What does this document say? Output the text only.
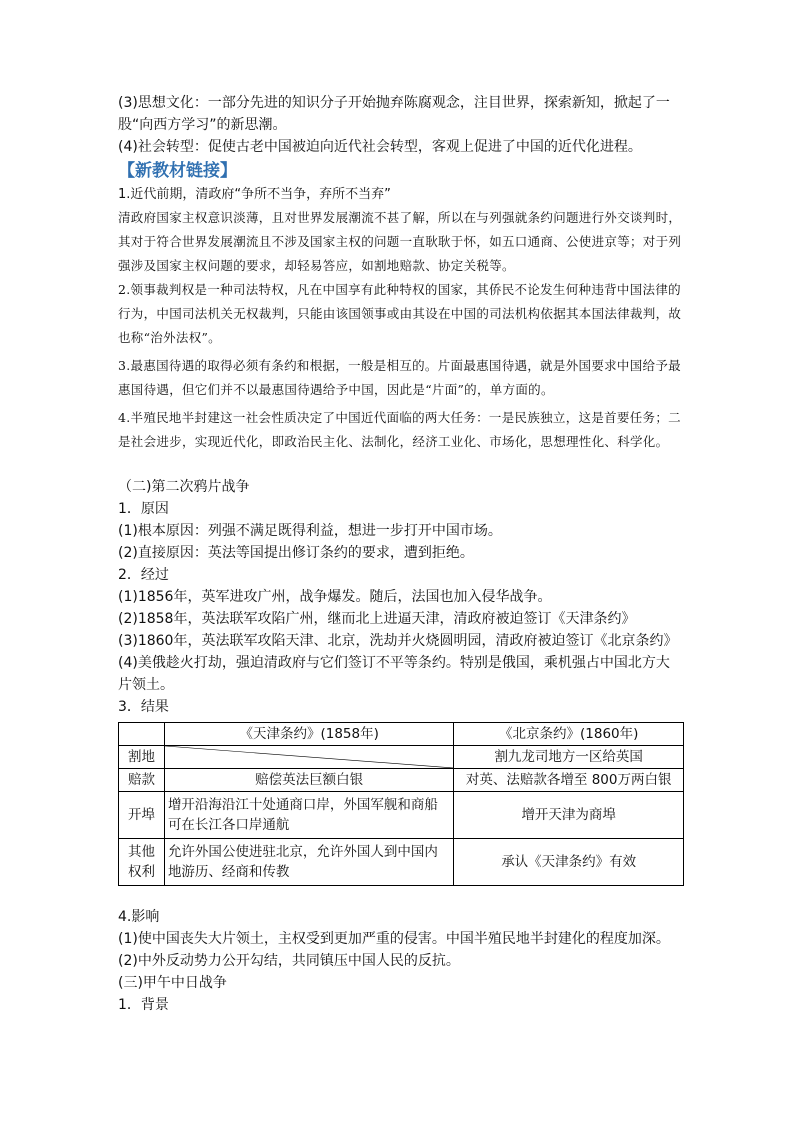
(3)思想文化：一部分先进的知识分子开始抛弃陈腐观念，注目世界，探索新知，掀起了一

股“向西方学习”的新思潮。

(4)社会转型：促使古老中国被迫向近代社会转型，客观上促进了中国的近代化进程。

【新教材链接】

1.近代前期，清政府“争所不当争，弃所不当弃”

清政府国家主权意识淡薄，且对世界发展潮流不甚了解，所以在与列强就条约问题进行外交谈判时，其对于符合世界发展潮流且不涉及国家主权的问题一直耿耿于怀，如五口通商、公使进京等；对于列强涉及国家主权问题的要求，却轻易答应，如割地赔款、协定关税等。

2.领事裁判权是一种司法特权，凡在中国享有此种特权的国家，其侨民不论发生何种违背中国法律的行为，中国司法机关无权裁判，只能由该国领事或由其设在中国的司法机构依据其本国法律裁判，故也称“治外法权”。

3.最惠国待遇的取得必须有条约和根据，一般是相互的。片面最惠国待遇，就是外国要求中国给予最惠国待遇，但它们并不以最惠国待遇给予中国，因此是“片面”的，单方面的。

4.半殖民地半封建这一社会性质决定了中国近代面临的两大任务：一是民族独立，这是首要任务；二是社会进步，实现近代化，即政治民主化、法制化，经济工业化、市场化，思想理性化、科学化。

（二)第二次鸦片战争

1．原因

(1)根本原因：列强不满足既得利益，想进一步打开中国市场。

(2)直接原因：英法等国提出修订条约的要求，遭到拒绝。

2．经过

(1)1856年，英军进攻广州，战争爆发。随后，法国也加入侵华战争。

(2)1858年，英法联军攻陷广州，继而北上进逼天津，清政府被迫签订《天津条约》

(3)1860年，英法联军攻陷天津、北京，洗劫并火烧圆明园，清政府被迫签订《北京条约》

(4)美俄趁火打劫，强迫清政府与它们签订不平等条约。特别是俄国，乘机强占中国北方大

片领土。

3．结果

	《天津条约》(1858年)	《北京条约》(1860年)
割地		割九龙司地方一区给英国
赔款	赔偿英法巨额白银	对英、法赔款各增至 800万两白银
开埠	增开沿海沿江十处通商口岸，外国军舰和商船可在长江各口岸通航	增开天津为商埠
其他
权利	允许外国公使进驻北京，允许外国人到中国内地游历、经商和传教	承认《天津条约》有效

4.影响

(1)使中国丧失大片领土，主权受到更加严重的侵害。中国半殖民地半封建化的程度加深。

(2)中外反动势力公开勾结，共同镇压中国人民的反抗。

(三)甲午中日战争

1．背景
